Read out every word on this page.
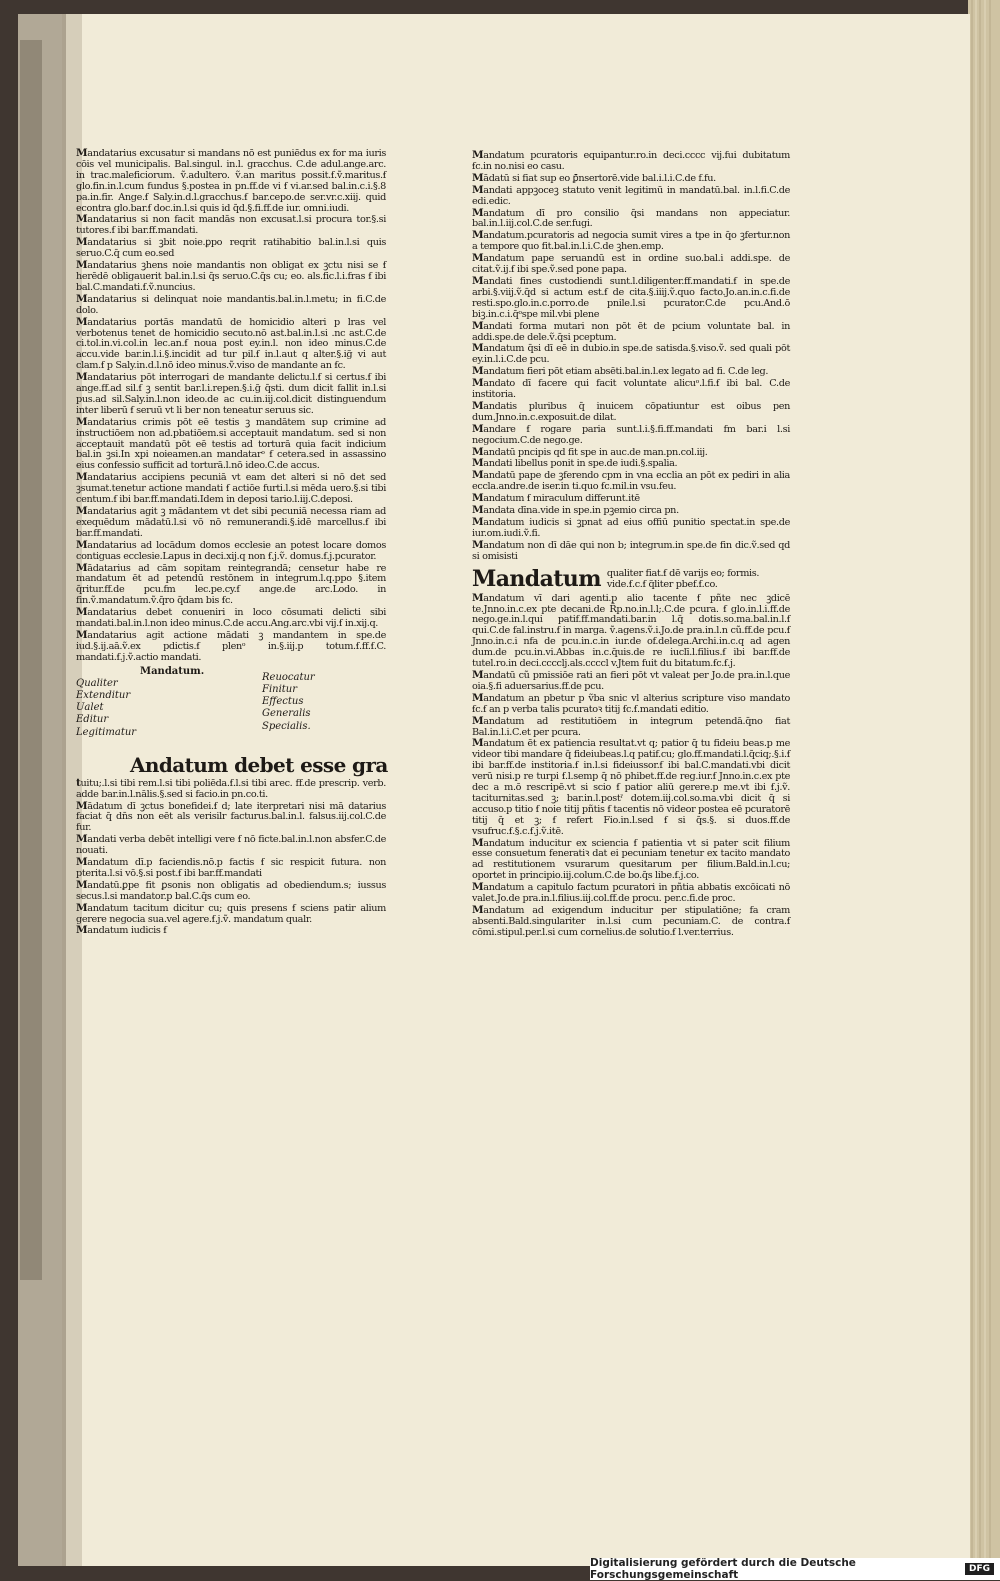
Mandatarius excusatur si mandans nō est puniēdus ex for ma iuris cōis vel municipalis. Bal.singul. in.l. gracchus. C.de adul.ange.arc. in trac.maleficiorum. ṽ.adultero. ṽ.an maritus possit.ẜ.ṽ.maritus.ẜ glo.fin.in.l.cum fundus §.postea in pn.ff.de vi ẜ vi.ar.sed bal.in.c.i.§.8 pa.in.fir. Ange.ẜ Saly.in.d.l.gracchus.ẜ bar.cepo.de ser.vr.c.xiij. quid econtra glo.bar.ẜ doc.in.l.si quis id q̄d.§.fi.ff.de iur. omni.iudi.

Mandatarius si non facit mandās non excusat.l.si procura tor.§.si tutores.ẜ ibi bar.ff.mandati.

Mandatarius si ꝫbit noie.ꝑpo reqrit ratihabitio bal.in.l.si quis seruo.C.q̄ cum eo.sed

Mandatarius ꝫhens noie mandantis non obligat ex ꝫctu nisi se ẜ herēdē obligauerit bal.in.l.si q̄s seruo.C.q̄s cu; eo. als.fic.l.i.fras ẜ ibi bal.C.mandati.ẜ.ṽ.nuncius.

Mandatarius si delinquat noie mandantis.bal.in.l.metu; in fi.C.de dolo.

Mandatarius portās mandatū de homicidio alteri p lras vel verbotenus tenet de homicidio secuto.nō ast.bal.in.l.si .nc ast.C.de ci.tol.in.vi.col.in lec.an.ẜ noua post ey.in.l. non ideo minus.C.de accu.vide bar.in.l.i.§.incidit ad tur pil.ẜ in.l.aut q alter.§.ig̃ vi aut clam.ẜ p Saly.in.d.l.nō ideo minus.ṽ.viso de mandante an ẜc.

Mandatarius pōt interrogari de mandante delictu.l.ẜ si certus.ẜ ibi ange.ff.ad sil.ẜ ꝫ sentit bar.l.i.repen.§.i.g̃ q̄sti. dum dicit fallit in.l.si pus.ad sil.Saly.in.l.non ideo.de ac cu.in.iij.col.dicit distinguendum inter liberū ẜ seruū vt li ber non teneatur seruus sic.

Mandatarius crimis pōt eē testis ꝫ mandātem sup crimine ad instructiōem non ad.pbatiōem.si acceptauit mandatum. sed si non acceptauit mandatū pōt eē testis ad torturā quia facit indicium bal.in ꝫsi.In xpi noieamen.an mandatarᵒ ẜ cetera.sed in assassino eius confessio sufficit ad torturā.l.nō ideo.C.de accus.

Mandatarius accipiens pecuniā vt eam det alteri si nō det sed ꝫsumat.tenetur actione mandati ẜ actiōe furti.l.si mēda uero.§.si tibi centum.ẜ ibi bar.ff.mandati.Idem in deposi tario.l.iij.C.deposi.

Mandatarius agit ꝫ mādantem vt det sibi pecuniā necessa riam ad exequēdum mādatū.l.si vō nō remunerandi.§.idē marcellus.ẜ ibi bar.ff.mandati.

Mandatarius ad locādum domos ecclesie an potest locare domos contiguas ecclesie.Lapus in deci.xij.q non ẜ.j.ṽ. domus.ẜ.j.pcurator.

Mādatarius ad cām sopitam reintegrandā; censetur habe re mandatum ēt ad petendū restōnem in integrum.l.q.ppo §.item q̄ritur.ff.de pcu.fm lec.pe.cy.ẜ ange.de arc.Lodo. in fin.ṽ.mandatum.ṽ.q̄ro q̄dam bis ẜc.

Mandatarius debet conueniri in loco cōsumati delicti sibi mandati.bal.in.l.non ideo minus.C.de accu.Ang.arc.vbi vij.ẜ in.xij.q.

Mandatarius agit actione mādati ꝫ mandantem in spe.de iud.§.ij.aā.ṽ.ex pdictis.ẜ plenᵒ in.§.iij.p totum.ẜ.ff.ẜ.C. mandati.ẜ.j.ṽ.actio mandati.

Mandatum.
Qualiter
Extenditur
Ualet
Editur
Legitimatur
Reuocatur
Finitur
Effectus
Generalis
Specialis.
Andatum debet esse gra

tuitu;.l.si tibi rem.l.si tibi poliēda.ẜ.l.si tibi arec. ff.de prescrip. verb. adde bar.in.l.nālis.§.sed si facio.in pn.co.ti.

Mādatum dī ꝫctus bonefidei.ẜ d; late iterpretari nisi mā datarius faciat q̄ dn̄s non eēt als verisilr facturus.bal.in.l. falsus.iij.col.C.de fur.

Mandati verba debēt intelligi vere ẜ nō ficte.bal.in.l.non absfer.C.de nouati.

Mandatum dī.p faciendis.nō.p factis ẜ sic respicit futura. non pterita.l.si vō.§.si post.ẜ ibi bar.ff.mandati

Mandatū.ꝑpe fit ꝑsonis non obligatis ad obediendum.s; iussus secus.l.si mandator.p bal.C.q̄s cum eo.

Mandatum tacitum dicitur cu; quis presens ẜ sciens patir alium gerere negocia sua.vel agere.ẜ.j.ṽ. mandatum qualr.

Mandatum iudicis ẜ

Mandatum pcuratoris equipantur.ro.in deci.cccc vij.fui dubitatum ẜc.in no.nisi eo casu.

Mādatū si fiat sup eo ꝑ̄nsertorē.vide bal.i.l.i.C.de f.fu.

Mandati appꝫoceꝫ statuto venit legitimū in mandatū.bal. in.l.fi.C.de edi.edic.

Mandatum dī pro consilio q̄si mandans non appeciatur. bal.in.l.iij.col.C.de ser.fugi.

Mandatum.pcuratoris ad negocia sumit vires a tpe in q̄o ꝫfertur.non a tempore quo fit.bal.in.l.i.C.de ꝫhen.emp.

Mandatum pape seruandū est in ordine suo.bal.i addi.spe. de citat.ṽ.ij.ẜ ibi spe.ṽ.sed pone papa.

Mandati fines custodiendi sunt.l.diligenter.ff.mandati.ẜ in spe.de arbi.§.viij.ṽ.q̄d si actum est.ẜ de cita.§.iiij.ṽ.quo facto.Jo.an.in.c.fi.de resti.spo.glo.in.c.porro.de pnile.l.si pcurator.C.de pcu.And.ō biꝫ.in.c.i.q̄ᵒspe mil.vbi plene

Mandati forma mutari non pōt ēt de pcium voluntate bal. in addi.spe.de dele.ṽ.q̄si pceptum.

Mandatum q̄si dī eē in dubio.in spe.de satisda.§.viso.ṽ. sed quali pōt ey.in.l.i.C.de pcu.

Mandatum fieri pōt etiam absēti.bal.in.l.ex legato ad fi. C.de leg.

Mandato dī facere qui facit voluntate alicuᵒ.l.fi.ẜ ibi bal. C.de institoria.

Mandatis pluribus q̄ inuicem cōpatiuntur est oibus pen dum.Jnno.in.c.exposuit.de dilat.

Mandare ẜ rogare paria sunt.l.i.§.fi.ff.mandati fm bar.i l.si negocium.C.de nego.ge.

Mandatū pncipis qd fit spe in auc.de man.pn.col.iij.

Mandati libellus ponit in spe.de iudi.§.spalia.

Mandatū pape de ꝫferendo cpm in vna ecclia an pōt ex pediri in alia eccla.andre.de iser.in ti.quo ẜc.mil.in vsu.feu.

Mandatum ẜ miraculum differunt.itē

Mandata dīna.vide in spe.in pꝫemio circa pn.

Mandatum iudicis si ꝫpnat ad eius offiū punitio spectat.in spe.de iur.om.iudi.ṽ.fi.

Mandatum non dī dāe qui non b; integrum.in spe.de fin dic.ṽ.sed qd si omisisti

Mandatum qualiter fiat.ẜ dē varijs eo; formis. vide.ẜ.c.ẜ q̃liter pbef.ẜ.co.

Mandatum vī dari agenti.p alio tacente ẜ pñte nec ꝫdicē te.Jnno.in.c.ex pte decani.de R̃p.no.in.l.l;.C.de pcura. ẜ glo.in.l.i.ff.de nego.ge.in.l.qui patif.ff.mandati.bar.in l.q̄ dotis.so.ma.bal.in.l.ẜ qui.C.de fal.instru.ẜ in marga. ṽ.agens.ṽ.i.Jo.de pra.in.l.n cũ.ff.de pcu.ẜ Jnno.in.c.i nfa de pcu.in.c.in iur.de of.delega.Archi.in.c.q ad agen dum.de pcu.in.vi.Abbas in.c.q̄uis.de re iuclī.l.filius.ẜ ibi bar.ff.de tutel.ro.in deci.cccclj.als.ccccl v.Jtem fuit du bitatum.ẜc.ẜ.j.

Mandatū cũ pmissiōe rati an fieri pōt vt valeat per Jo.de pra.in.l.que oia.§.fi aduersarius.ff.de pcu.

Mandatum an pbetur p ṽba snic vl alterius scripture viso mandato ẜc.ẜ an p verba talis pcuratoꝛ titij ẜc.ẜ.mandati editio.

Mandatum ad restitutiōem in integrum petendā.q̄no fiat Bal.in.l.i.C.et per pcura.

Mandatum ēt ex patiencia resultat.vt q; patior q̄ tu fideiu beas.p me videor tibi mandare q̄ fideiubeas.l.q patif.cu; glo.ff.mandati.l.q̄ciq;.§.i.ẜ ibi bar.ff.de institoria.ẜ in.l.si fideiussor.ẜ ibi bal.C.mandati.vbi dicit verū nisi.p re turpi ẜ.l.semp q̄ nō phibet.ff.de reg.iur.ẜ Jnno.in.c.ex pte dec a m.ō rescripē.vt si scio ẜ patior aliū gerere.p me.vt ibi ẜ.j.ṽ. taciturnitas.sed ꝫ; bar.in.l.postˀ dotem.iij.col.so.ma.vbi dicit q̄ si accuso.p titio ẜ noie titij pñtis ẜ tacentis nō videor postea eē pcuratorē titij q̄ et ꝫ; ẜ refert Fio.in.l.sed ẜ si q̄s.§. si duos.ff.de vsufruc.ẜ.§.c.ẜ.j.ṽ.itē.

Mandatum inducitur ex sciencia ẜ patientia vt si pater scit filium esse consuetum feneratiꝛ dat ei pecuniam tenetur ex tacito mandato ad restitutionem vsurarum quesitarum per filium.Bald.in.l.cu; oportet in principio.iij.colum.C.de bo.q̄s libe.ẜ.j.co.

Mandatum a capitulo factum pcuratori in pñtia abbatis excōicati nō valet.Jo.de pra.in.l.filius.iij.col.ff.de procu. per.c.fi.de proc.

Mandatum ad exigendum inducitur per stipulatiōne; fa cram absenti.Bald.singulariter in.l.si cum pecuniam.C. de contra.ẜ cōmi.stipul.per.l.si cum cornelius.de solutio.ẜ l.ver.terrius.

Digitalisierung gefördert durch die Deutsche Forschungsgemeinschaft	DFG
